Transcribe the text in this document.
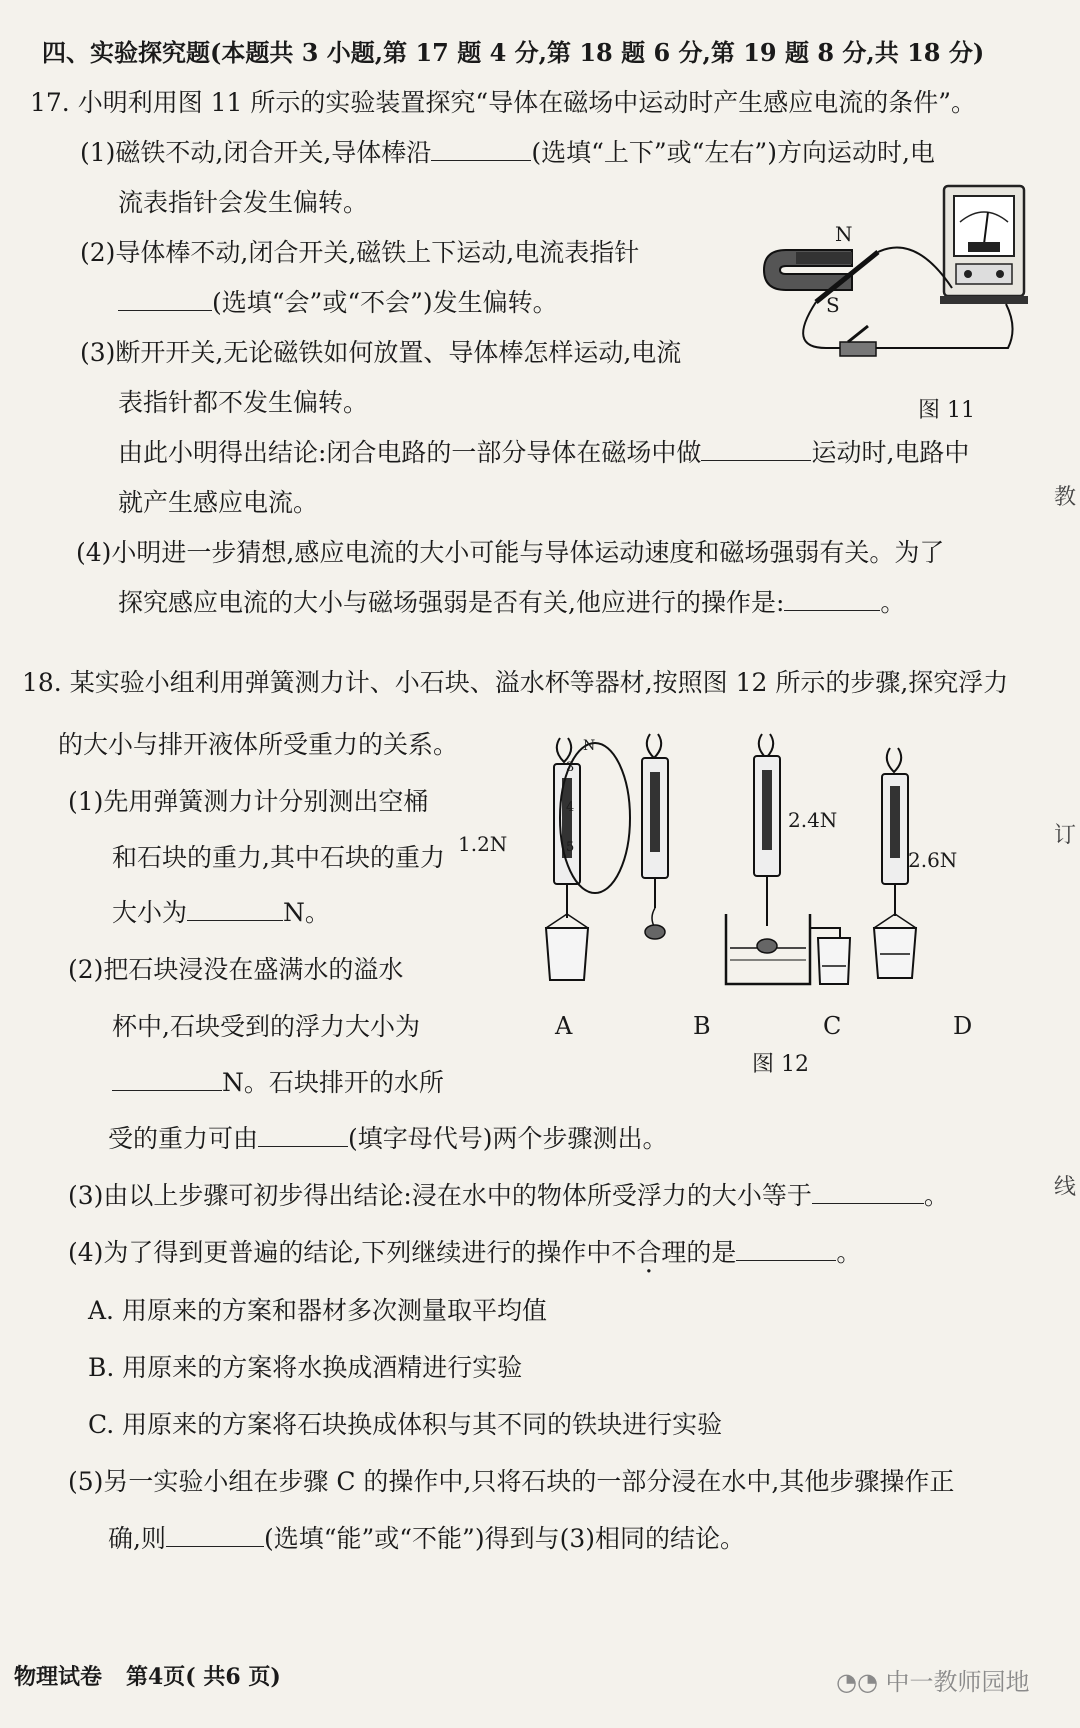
四、实验探究题(本题共 3 小题,第 17 题 4 分,第 18 题 6 分,第 19 题 8 分,共 18 分)
17. 小明利用图 11 所示的实验装置探究“导体在磁场中运动时产生感应电流的条件”。
(1)磁铁不动,闭合开关,导体棒沿	(选填“上下”或“左右”)方向运动时,电
流表指针会发生偏转。
(2)导体棒不动,闭合开关,磁铁上下运动,电流表指针
(选填“会”或“不会”)发生偏转。
(3)断开开关,无论磁铁如何放置、导体棒怎样运动,电流
表指针都不发生偏转。
由此小明得出结论:闭合电路的一部分导体在磁场中做	运动时,电路中
就产生感应电流。
(4)小明进一步猜想,感应电流的大小可能与导体运动速度和磁场强弱有关。为了
探究感应电流的大小与磁场强弱是否有关,他应进行的操作是:	。
N
S
图 11
18. 某实验小组利用弹簧测力计、小石块、溢水杯等器材,按照图 12 所示的步骤,探究浮力
的大小与排开液体所受重力的关系。
(1)先用弹簧测力计分别测出空桶
和石块的重力,其中石块的重力
大小为	N。
(2)把石块浸没在盛满水的溢水
杯中,石块受到的浮力大小为
N。石块排开的水所
受的重力可由	(填字母代号)两个步骤测出。
(3)由以上步骤可初步得出结论:浸在水中的物体所受浮力的大小等于	。
(4)为了得到更普遍的结论,下列继续进行的操作中不合理的是	。
A. 用原来的方案和器材多次测量取平均值
B. 用原来的方案将水换成酒精进行实验
C. 用原来的方案将石块换成体积与其不同的铁块进行实验
(5)另一实验小组在步骤 C 的操作中,只将石块的一部分浸在水中,其他步骤操作正
确,则	(选填“能”或“不能”)得到与(3)相同的结论。
N
3
4
5
1.2N
2.4N
2.6N
A	B	C	D
图 12
教
订
线
物理试卷 第4页( 共6 页)	◔◔ 中一教师园地
